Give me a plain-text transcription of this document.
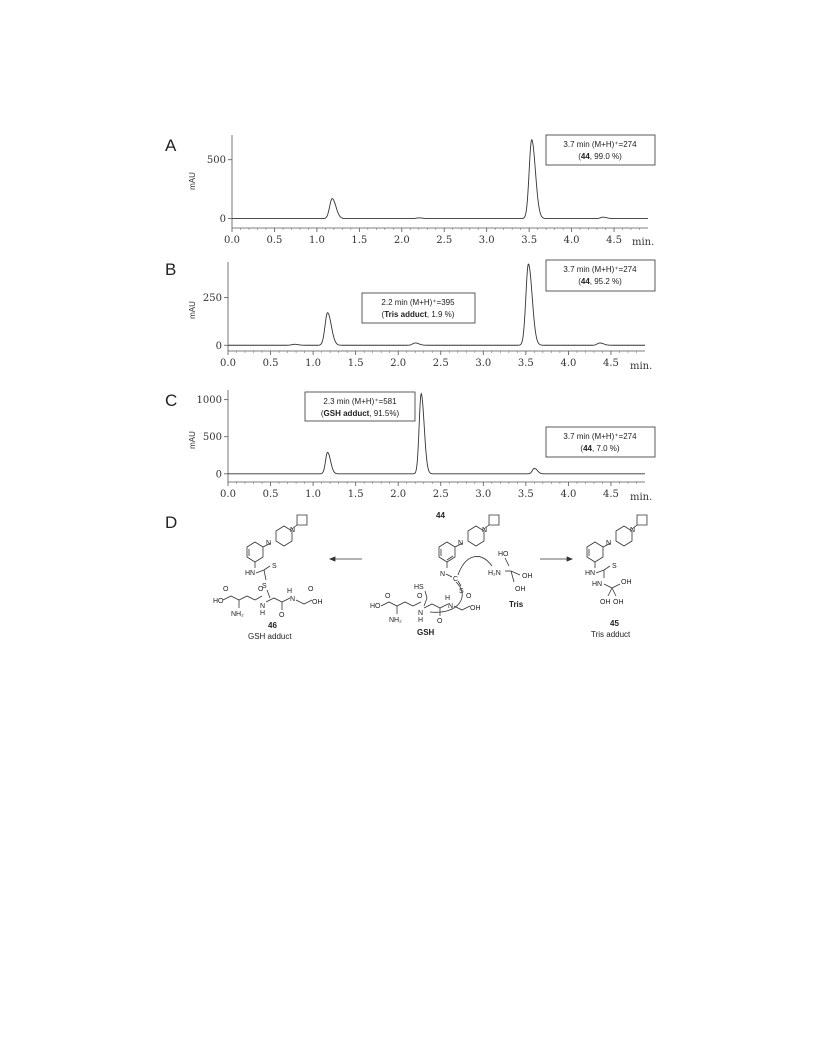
A
mAU
0.0	0.5	1.0	1.5	2.0	2.5	3.0	3.5	4.0	4.5
0
500
min.
3.7 min (M+H)⁺=274
(44, 99.0 %)
B
mAU
0.0	0.5	1.0	1.5	2.0	2.5	3.0	3.5	4.0	4.5
0
250
min.
2.2 min (M+H)⁺=395
(Tris adduct, 1.9 %)
3.7 min (M+H)⁺=274
(44, 95.2 %)
C
mAU
0.0	0.5	1.0	1.5	2.0	2.5	3.0	3.5	4.0	4.5
0
500
1000
min.
2.3 min (M+H)⁺=581
(GSH adduct, 91.5%)
3.7 min (M+H)⁺=274
(44, 7.0 %)
D	44
N
N
N
C
S
HO
H₂N	OH
OH
Tris
HS
HO
O
NH₂
O
N
H O
H
N
O
OH
GSH
N
N
HN
S
S
HO
O
NH₂
O
N
H O
H
N
O
OH
46
GSH adduct
N
N
HN
S
HN	OH
OH OH
45
Tris adduct
